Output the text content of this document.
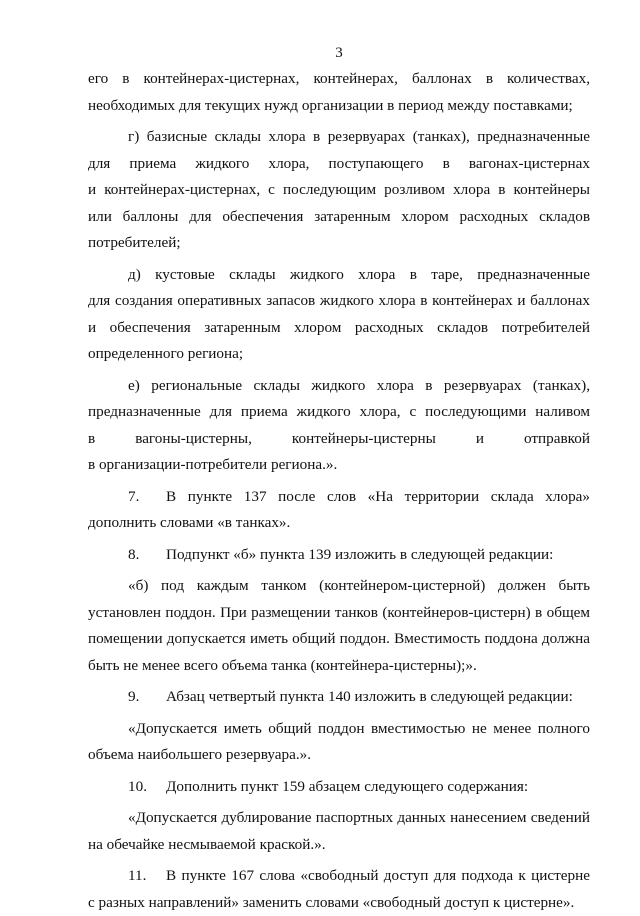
3
его в контейнерах-цистернах, контейнерах, баллонах в количествах,
необходимых для текущих нужд организации в период между поставками;
г) базисные склады хлора в резервуарах (танках), предназначенные
для приема жидкого хлора, поступающего в вагонах-цистернах
и контейнерах-цистернах, с последующим розливом хлора в контейнеры
или баллоны для обеспечения затаренным хлором расходных складов
потребителей;
д) кустовые склады жидкого хлора в таре, предназначенные
для создания оперативных запасов жидкого хлора в контейнерах и баллонах
и обеспечения затаренным хлором расходных складов потребителей
определенного региона;
е) региональные склады жидкого хлора в резервуарах (танках),
предназначенные для приема жидкого хлора, с последующими наливом
в вагоны-цистерны, контейнеры-цистерны и отправкой
в организации-потребители региона.».
7. В пункте 137 после слов «На территории склада хлора»
дополнить словами «в танках».
8. Подпункт «б» пункта 139 изложить в следующей редакции:
«б) под каждым танком (контейнером-цистерной) должен быть
установлен поддон. При размещении танков (контейнеров-цистерн) в общем
помещении допускается иметь общий поддон. Вместимость поддона должна
быть не менее всего объема танка (контейнера-цистерны);».
9. Абзац четвертый пункта 140 изложить в следующей редакции:
«Допускается иметь общий поддон вместимостью не менее полного
объема наибольшего резервуара.».
10. Дополнить пункт 159 абзацем следующего содержания:
«Допускается дублирование паспортных данных нанесением сведений
на обечайке несмываемой краской.».
11. В пункте 167 слова «свободный доступ для подхода к цистерне
с разных направлений» заменить словами «свободный доступ к цистерне».
